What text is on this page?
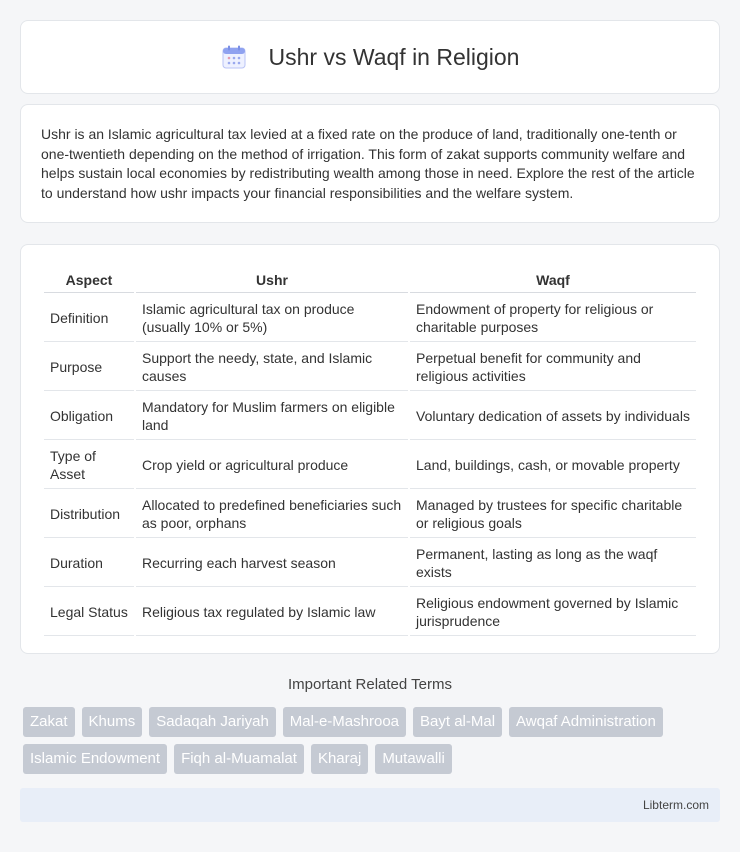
Ushr vs Waqf in Religion

Ushr is an Islamic agricultural tax levied at a fixed rate on the produce of land, traditionally one-tenth or one-twentieth depending on the method of irrigation. This form of zakat supports community welfare and helps sustain local economies by redistributing wealth among those in need. Explore the rest of the article to understand how ushr impacts your financial responsibilities and the welfare system.

Aspect	Ushr	Waqf
Definition	Islamic agricultural tax on produce (usually 10% or 5%)	Endowment of property for religious or charitable purposes
Purpose	Support the needy, state, and Islamic causes	Perpetual benefit for community and religious activities
Obligation	Mandatory for Muslim farmers on eligible land	Voluntary dedication of assets by individuals
Type of Asset	Crop yield or agricultural produce	Land, buildings, cash, or movable property
Distribution	Allocated to predefined beneficiaries such as poor, orphans	Managed by trustees for specific charitable or religious goals
Duration	Recurring each harvest season	Permanent, lasting as long as the waqf exists
Legal Status	Religious tax regulated by Islamic law	Religious endowment governed by Islamic jurisprudence
Important Related Terms
Zakat	Khums	Sadaqah Jariyah	Mal-e-Mashrooa	Bayt al-Mal	Awqaf Administration
Islamic Endowment	Fiqh al-Muamalat	Kharaj	Mutawalli
Libterm.com
